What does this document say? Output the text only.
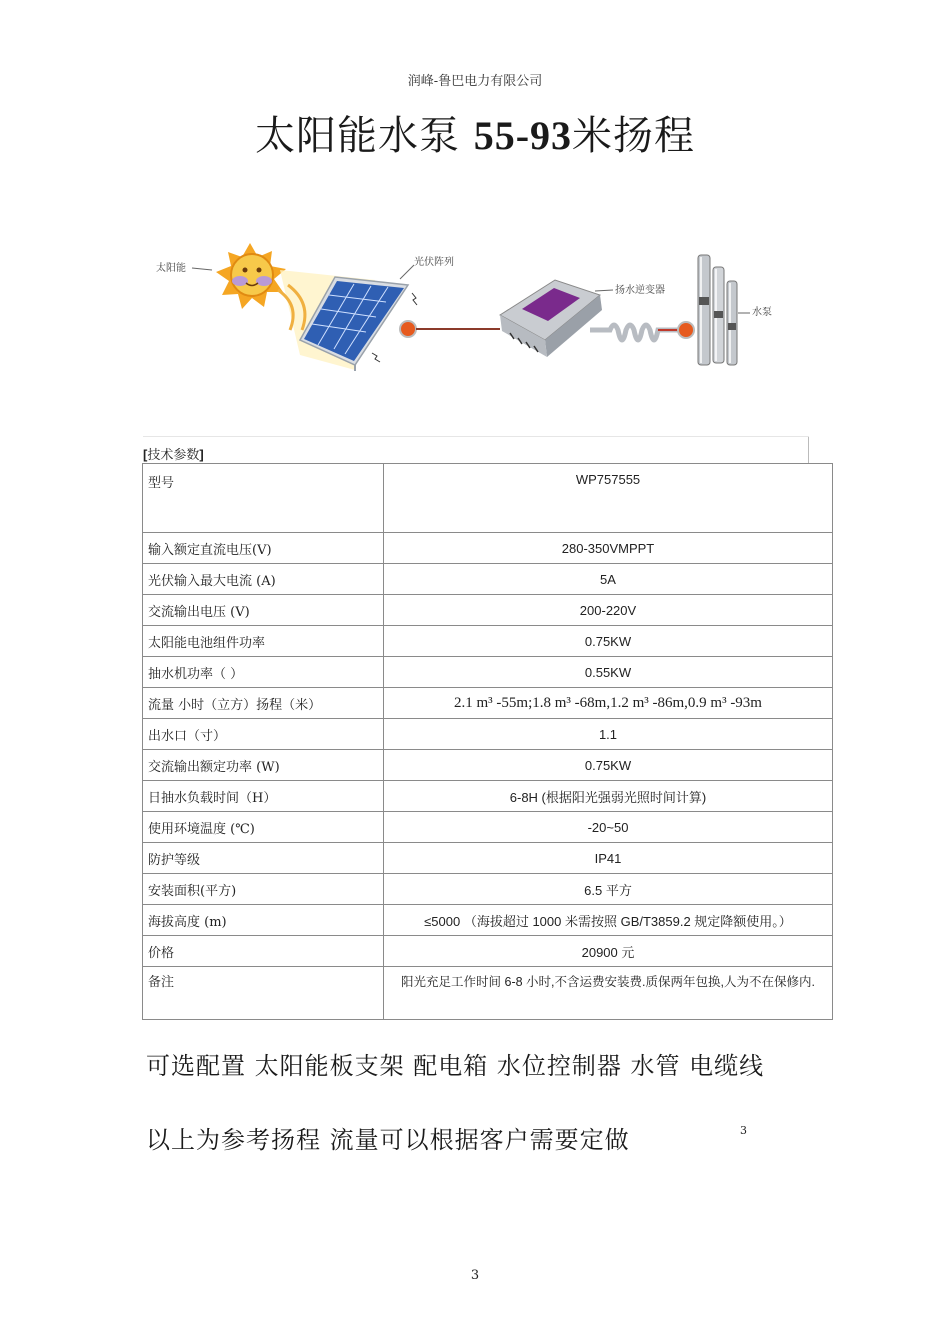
润峰-鲁巴电力有限公司
太阳能水泵 55-93米扬程
太阳能
光伏阵列
扬水逆变器
水泵
[技术参数]
型号	WP757555
输入额定直流电压(V)	280-350VMPPT
光伏输入最大电流 (A)	5A
交流输出电压 (V)	200-220V
太阳能电池组件功率	0.75KW
抽水机功率（ ）	0.55KW
流量 小时（立方）扬程（米）	2.1 m³ -55m;1.8 m³ -68m,1.2 m³ -86m,0.9 m³ -93m
出水口（寸）	1.1
交流输出额定功率 (W)	0.75KW
日抽水负载时间（H）	6-8H (根据阳光强弱光照时间计算)
使用环境温度 (℃)	-20~50
防护等级	IP41
安装面积(平方)	6.5 平方
海拔高度 (m)	≤5000 （海拔超过 1000 米需按照 GB/T3859.2 规定降额使用。）
价格	20900 元
备注	阳光充足工作时间 6-8 小时,不含运费安装费.质保两年包换,人为不在保修内.
可选配置 太阳能板支架 配电箱 水位控制器 水管 电缆线
以上为参考扬程 流量可以根据客户需要定做	3
3
